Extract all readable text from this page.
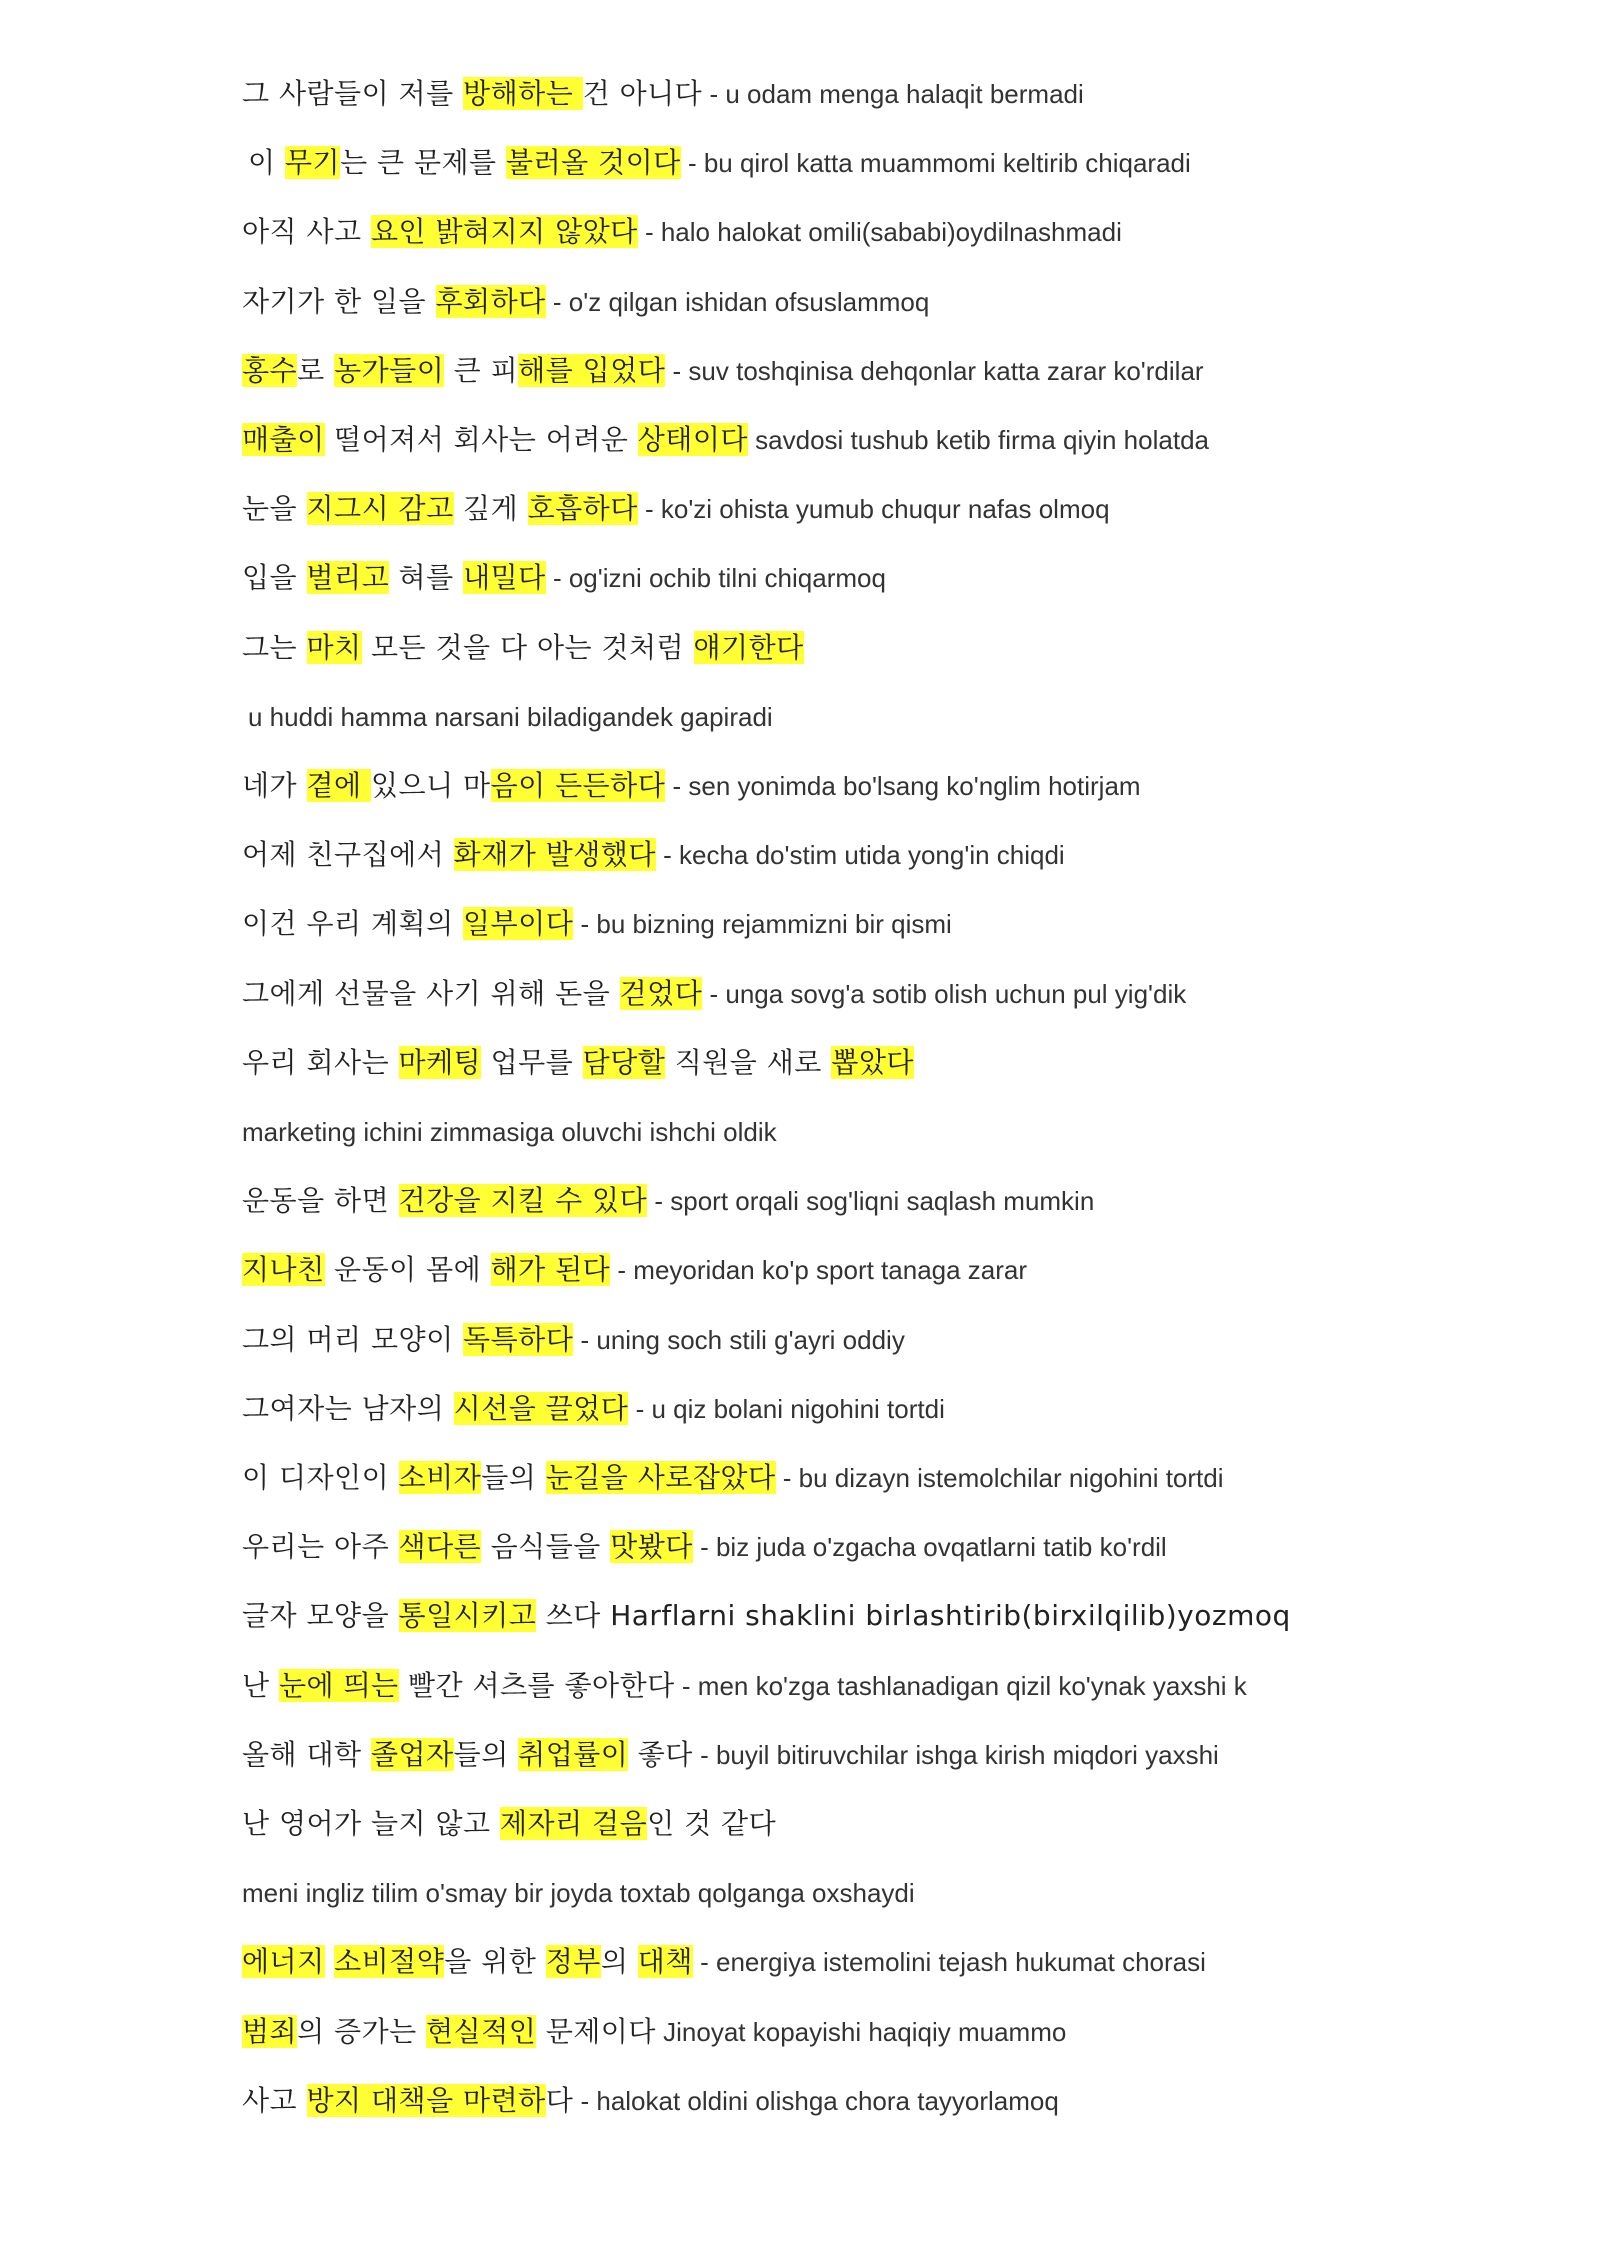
그 사람들이 저를 방해하는 건 아니다 - u odam menga halaqit bermadi
이 무기는 큰 문제를 불러올 것이다 - bu qirol katta muammomi keltirib chiqaradi
아직 사고 요인 밝혀지지 않았다 - halo halokat omili(sababi)oydilnashmadi
자기가 한 일을 후회하다 - o'z qilgan ishidan ofsuslammoq
홍수로 농가들이 큰 피해를 입었다 - suv toshqinisa dehqonlar katta zarar ko'rdilar
매출이 떨어져서 회사는 어려운 상태이다 savdosi tushub ketib firma qiyin holatda
눈을 지그시 감고 깊게 호흡하다 - ko'zi ohista yumub chuqur nafas olmoq
입을 벌리고 혀를 내밀다 - og'izni ochib tilni chiqarmoq
그는 마치 모든 것을 다 아는 것처럼 얘기한다
u huddi hamma narsani biladigandek gapiradi
네가 곁에 있으니 마음이 든든하다 - sen yonimda bo'lsang ko'nglim hotirjam
어제 친구집에서 화재가 발생했다 - kecha do'stim utida yong'in chiqdi
이건 우리 계획의 일부이다 - bu bizning rejammizni bir qismi
그에게 선물을 사기 위해 돈을 걷었다 - unga sovg'a sotib olish uchun pul yig'dik
우리 회사는 마케팅 업무를 담당할 직원을 새로 뽑았다
marketing ichini zimmasiga oluvchi ishchi oldik
운동을 하면 건강을 지킬 수 있다 - sport orqali sog'liqni saqlash mumkin
지나친 운동이 몸에 해가 된다 - meyoridan ko'p sport tanaga zarar
그의 머리 모양이 독특하다 - uning soch stili g'ayri oddiy
그여자는 남자의 시선을 끌었다 - u qiz bolani nigohini tortdi
이 디자인이 소비자들의 눈길을 사로잡았다 - bu dizayn istemolchilar nigohini tortdi
우리는 아주 색다른 음식들을 맛봤다 - biz juda o'zgacha ovqatlarni tatib ko'rdil
글자 모양을 통일시키고 쓰다 Harflarni shaklini birlashtirib(birxilqilib)yozmoq
난 눈에 띄는 빨간 셔츠를 좋아한다 - men ko'zga tashlanadigan qizil ko'ynak yaxshi k
올해 대학 졸업자들의 취업률이 좋다 - buyil bitiruvchilar ishga kirish miqdori yaxshi
난 영어가 늘지 않고 제자리 걸음인 것 같다
meni ingliz tilim o'smay bir joyda toxtab qolganga oxshaydi
에너지 소비절약을 위한 정부의 대책 - energiya istemolini tejash hukumat chorasi
범죄의 증가는 현실적인 문제이다 Jinoyat kopayishi haqiqiy muammo
사고 방지 대책을 마련하다 - halokat oldini olishga chora tayyorlamoq
